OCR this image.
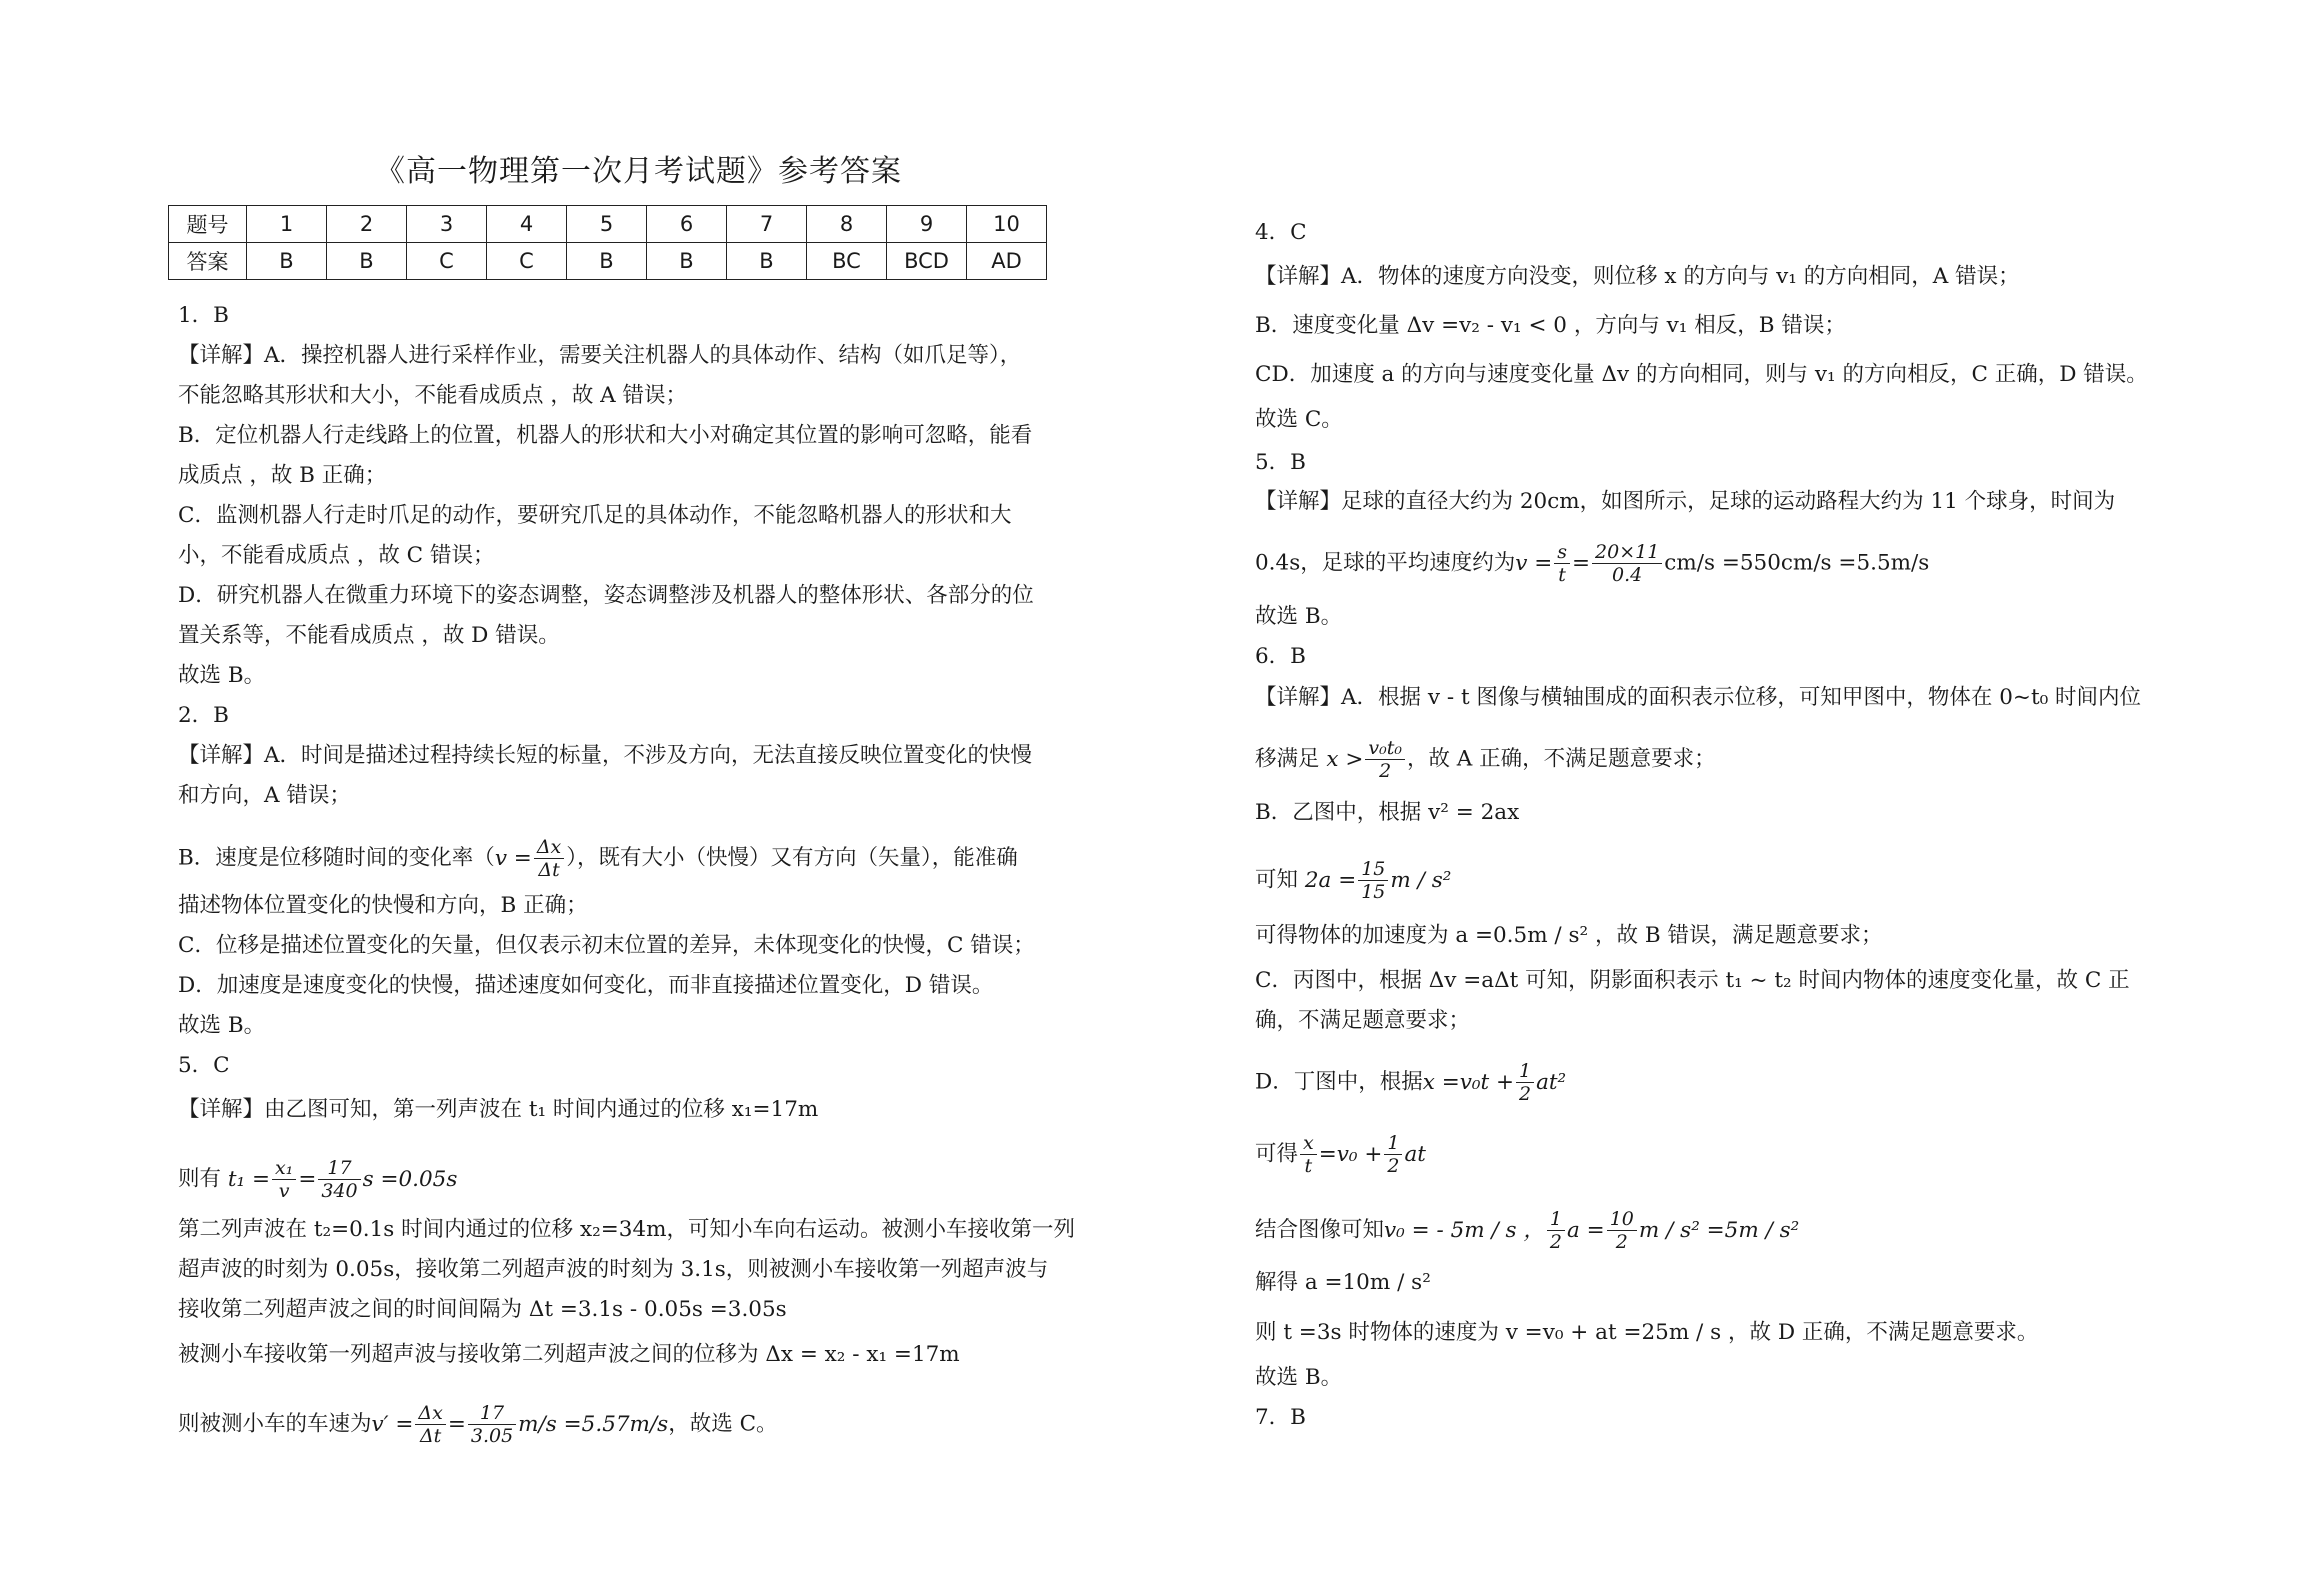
《高一物理第一次月考试题》参考答案
题号	1	2	3	4	5	6	7	8	9	10
答案	B	B	C	C	B	B	B	BC	BCD	AD
1．B
【详解】A．操控机器人进行采样作业，需要关注机器人的具体动作、结构（如爪足等），
不能忽略其形状和大小，不能看成质点 ，故 A 错误；
B．定位机器人行走线路上的位置，机器人的形状和大小对确定其位置的影响可忽略，能看
成质点 ，故 B 正确；
C．监测机器人行走时爪足的动作，要研究爪足的具体动作，不能忽略机器人的形状和大
小，不能看成质点 ，故 C 错误；
D．研究机器人在微重力环境下的姿态调整，姿态调整涉及机器人的整体形状、各部分的位
置关系等，不能看成质点 ，故 D 错误。
故选 B。
2．B
【详解】A．时间是描述过程持续长短的标量，不涉及方向，无法直接反映位置变化的快慢
和方向，A 错误；
B．速度是位移随时间的变化率（$v = \frac{\Delta x}{\Delta t}$ ），既有大小（快慢）又有方向（矢量），能准确
描述物体位置变化的快慢和方向，B 正确；
C．位移是描述位置变化的矢量，但仅表示初末位置的差异，未体现变化的快慢，C 错误；
D．加速度是速度变化的快慢，描述速度如何变化，而非直接描述位置变化，D 错误。
故选 B。
5．C
【详解】由乙图可知，第一列声波在 t₁ 时间内通过的位移 x₁=17m
则有 $t_1 = \frac{\text{x₁}}{v} = \frac{17}{340}$ s =0.05s
第二列声波在 t₂=0.1s 时间内通过的位移 x₂=34m，可知小车向右运动。被测小车接收第一列
超声波的时刻为 0.05s，接收第二列超声波的时刻为 3.1s，则被测小车接收第一列超声波与
接收第二列超声波之间的时间间隔为 Δt =3.1s - 0.05s =3.05s
被测小车接收第一列超声波与接收第二列超声波之间的位移为 Δx = x₂ - x₁ =17m
则被测小车的车速为$v' = \frac{\Delta x}{\Delta t} = \frac{17}{3.05} m/s =5.57m/s$，故选 C。
4．C
【详解】A．物体的速度方向没变，则位移 x 的方向与 v₁ 的方向相同，A 错误；
B．速度变化量 Δv =v₂ - v₁ < 0 ，方向与 v₁ 相反，B 错误；
CD．加速度 a 的方向与速度变化量 Δv 的方向相同，则与 v₁ 的方向相反，C 正确，D 错误。
故选 C。
5．B
【详解】足球的直径大约为 20cm，如图所示，足球的运动路程大约为 11 个球身，时间为
0.4s，足球的平均速度约为$v = \frac{s}{t} = \frac{20\times 11}{0.4} cm/s =550cm/s =5.5m/s$
故选 B。
6．B
【详解】A．根据 v - t 图像与横轴围成的面积表示位移，可知甲图中，物体在 0~t₀ 时间内位
移满足 $x > \frac{\text{v₀t₀}}{2}$ ，故 A 正确，不满足题意要求；
B．乙图中，根据 v² = 2ax
可知 $2a = \frac{15}{15}$ m / s²
可得物体的加速度为 a =0.5m / s² ，故 B 错误，满足题意要求；
C．丙图中，根据 Δv =aΔt 可知，阴影面积表示 t₁ ~ t₂ 时间内物体的速度变化量，故 C 正
确，不满足题意要求；
D．丁图中，根据$x =v_0t + \frac{1}{2} at^2$
可得 $\frac{x}{t} =v_0 + \frac{1}{2}$ at
结合图像可知v₀ = - 5m / s ， $\frac{1}{2}$ $a = \frac{10}{2}$ m / s² =5m / s²
解得 a =10m / s²
则 t =3s 时物体的速度为 v =v₀ + at =25m / s ，故 D 正确，不满足题意要求。
故选 B。
7．B
